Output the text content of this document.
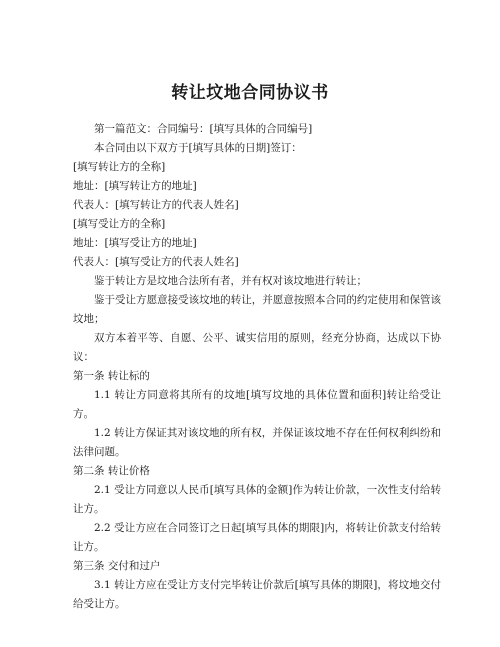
转让坟地合同协议书

第一篇范文：合同编号：[填写具体的合同编号]

本合同由以下双方于[填写具体的日期]签订：

[填写转让方的全称]

地址：[填写转让方的地址]

代表人：[填写转让方的代表人姓名]

[填写受让方的全称]

地址：[填写受让方的地址]

代表人：[填写受让方的代表人姓名]

鉴于转让方是坟地合法所有者，并有权对该坟地进行转让；

鉴于受让方愿意接受该坟地的转让，并愿意按照本合同的约定使用和保管该坟地；

双方本着平等、自愿、公平、诚实信用的原则，经充分协商，达成以下协议：

第一条 转让标的

1.1 转让方同意将其所有的坟地[填写坟地的具体位置和面积]转让给受让方。

1.2 转让方保证其对该坟地的所有权，并保证该坟地不存在任何权利纠纷和法律问题。

第二条 转让价格

2.1 受让方同意以人民币[填写具体的金额]作为转让价款，一次性支付给转让方。

2.2 受让方应在合同签订之日起[填写具体的期限]内，将转让价款支付给转让方。

第三条 交付和过户

3.1 转让方应在受让方支付完毕转让价款后[填写具体的期限]，将坟地交付给受让方。
